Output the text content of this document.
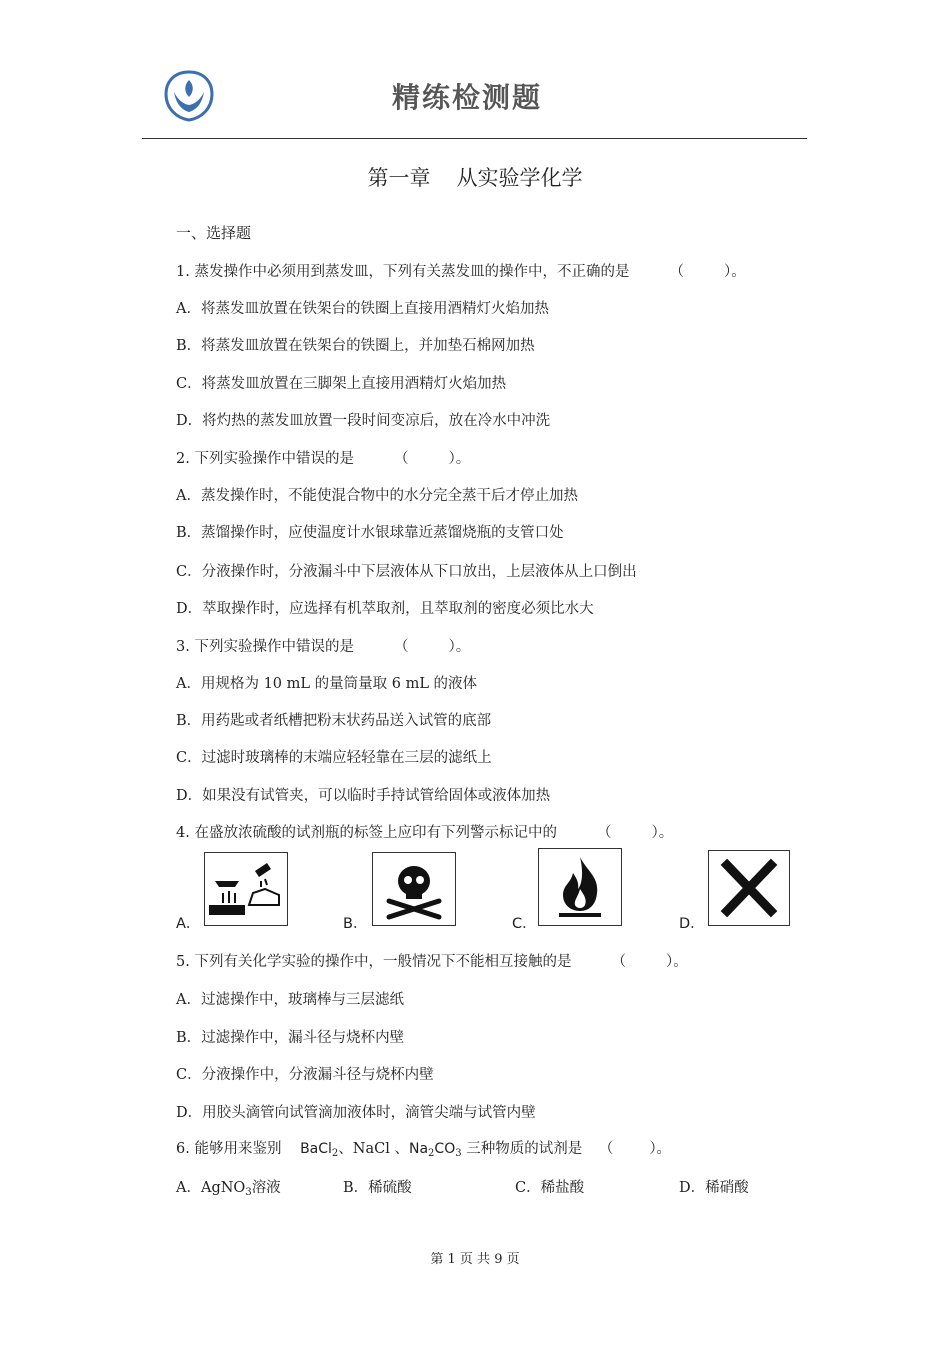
精练检测题
第一章 从实验学化学
一、选择题
1. 蒸发操作中必须用到蒸发皿，下列有关蒸发皿的操作中，不正确的是	（	）。
A．将蒸发皿放置在铁架台的铁圈上直接用酒精灯火焰加热
B．将蒸发皿放置在铁架台的铁圈上，并加垫石棉网加热
C．将蒸发皿放置在三脚架上直接用酒精灯火焰加热
D．将灼热的蒸发皿放置一段时间变凉后，放在冷水中冲洗
2. 下列实验操作中错误的是	（	）。
A．蒸发操作时，不能使混合物中的水分完全蒸干后才停止加热
B．蒸馏操作时，应使温度计水银球靠近蒸馏烧瓶的支管口处
C．分液操作时，分液漏斗中下层液体从下口放出，上层液体从上口倒出
D．萃取操作时，应选择有机萃取剂，且萃取剂的密度必须比水大
3. 下列实验操作中错误的是	（	）。
A．用规格为 10 mL 的量筒量取 6 mL 的液体
B．用药匙或者纸槽把粉末状药品送入试管的底部
C．过滤时玻璃棒的末端应轻轻靠在三层的滤纸上
D．如果没有试管夹，可以临时手持试管给固体或液体加热
4. 在盛放浓硫酸的试剂瓶的标签上应印有下列警示标记中的	（	）。
5. 下列有关化学实验的操作中，一般情况下不能相互接触的是	（	）。
A．过滤操作中，玻璃棒与三层滤纸
B．过滤操作中，漏斗径与烧杯内壁
C．分液操作中，分液漏斗径与烧杯内壁
D．用胶头滴管向试管滴加液体时，滴管尖端与试管内壁
A．	B．	C．	D．
6. 能够用来鉴别 BaCl$_2$、NaCl 、$Na_2CO_3$ 三种物质的试剂是 （ ）。
A．AgNO$_3$溶液	B．稀硫酸	C．稀盐酸	D．稀硝酸
第 1 页 共 9 页
